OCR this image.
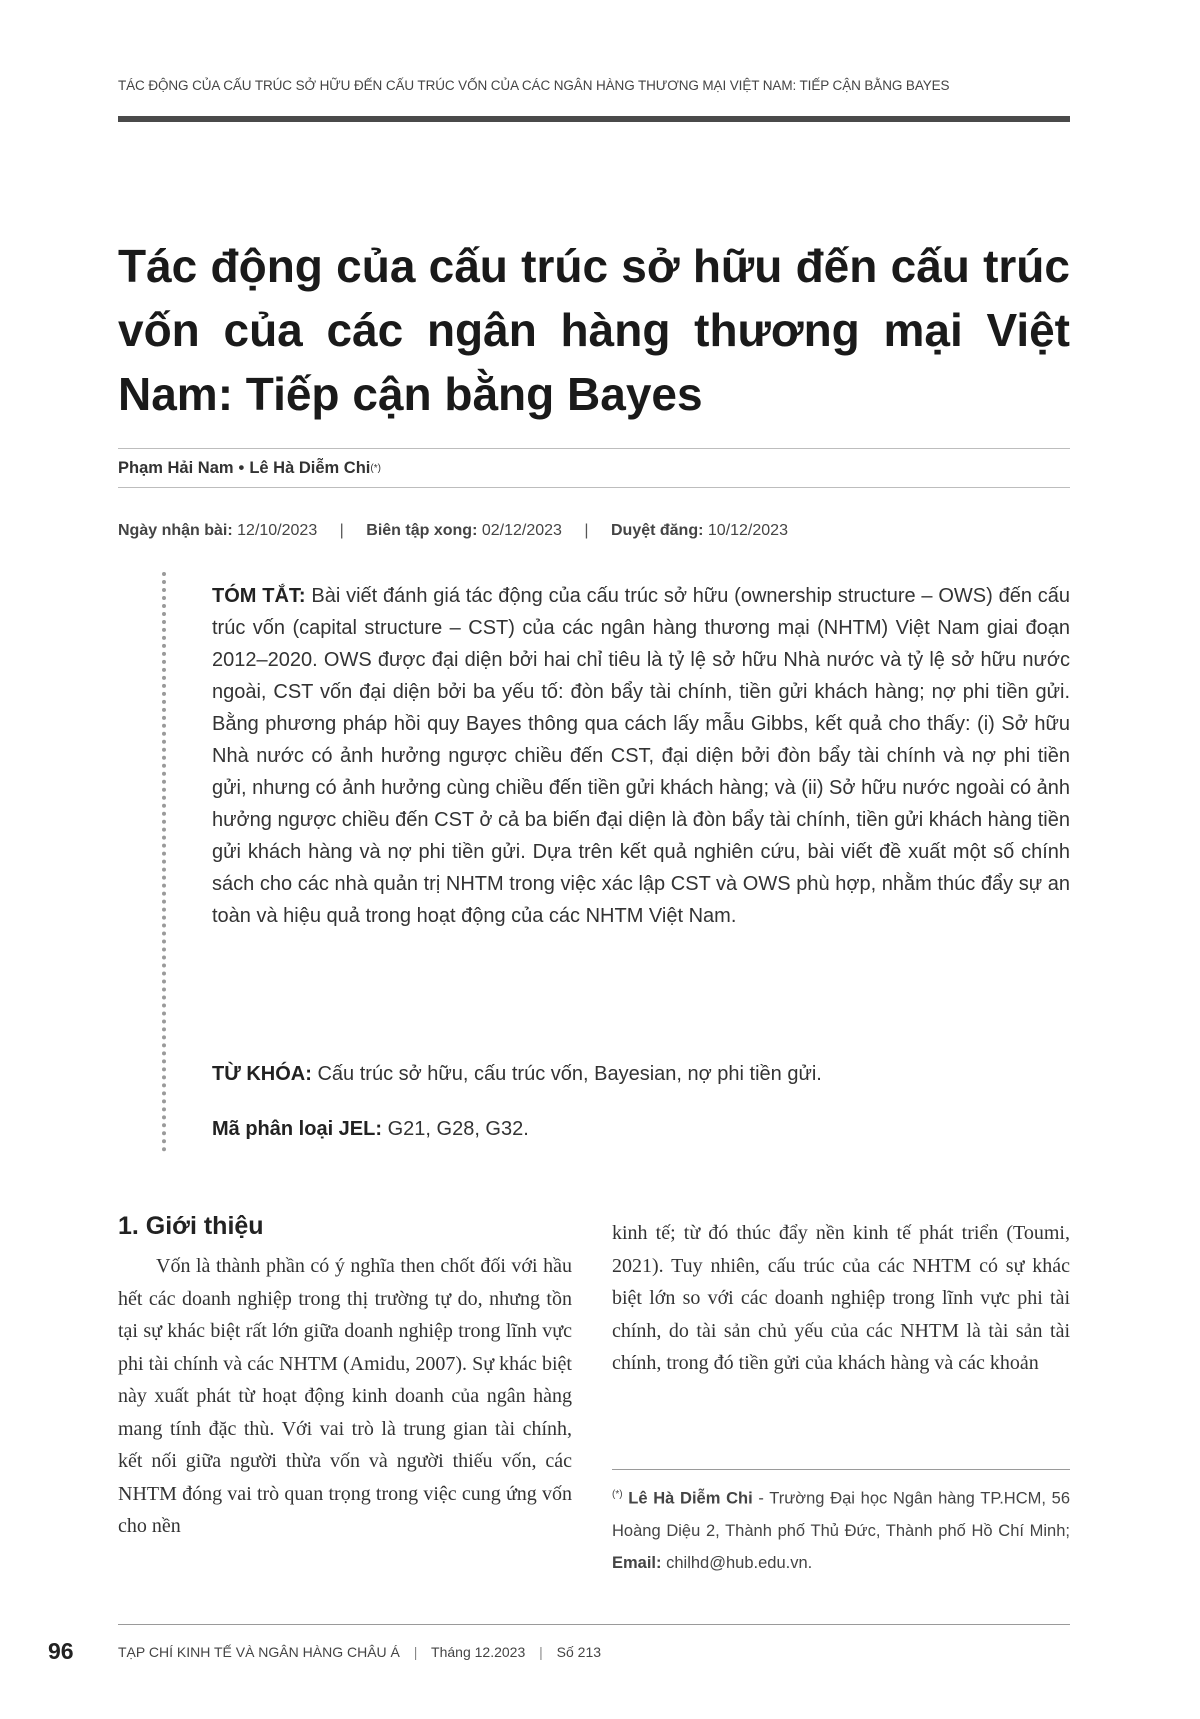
TÁC ĐỘNG CỦA CẤU TRÚC SỞ HỮU ĐẾN CẤU TRÚC VỐN CỦA CÁC NGÂN HÀNG THƯƠNG MẠI VIỆT NAM: TIẾP CẬN BẰNG BAYES
Tác động của cấu trúc sở hữu đến cấu trúc vốn của các ngân hàng thương mại Việt Nam: Tiếp cận bằng Bayes
Phạm Hải Nam • Lê Hà Diễm Chi (*)
Ngày nhận bài: 12/10/2023 | Biên tập xong: 02/12/2023 | Duyệt đăng: 10/12/2023

TÓM TẮT: Bài viết đánh giá tác động của cấu trúc sở hữu (ownership structure – OWS) đến cấu trúc vốn (capital structure – CST) của các ngân hàng thương mại (NHTM) Việt Nam giai đoạn 2012–2020. OWS được đại diện bởi hai chỉ tiêu là tỷ lệ sở hữu Nhà nước và tỷ lệ sở hữu nước ngoài, CST vốn đại diện bởi ba yếu tố: đòn bẩy tài chính, tiền gửi khách hàng; nợ phi tiền gửi. Bằng phương pháp hồi quy Bayes thông qua cách lấy mẫu Gibbs, kết quả cho thấy: (i) Sở hữu Nhà nước có ảnh hưởng ngược chiều đến CST, đại diện bởi đòn bẩy tài chính và nợ phi tiền gửi, nhưng có ảnh hưởng cùng chiều đến tiền gửi khách hàng; và (ii) Sở hữu nước ngoài có ảnh hưởng ngược chiều đến CST ở cả ba biến đại diện là đòn bẩy tài chính, tiền gửi khách hàng tiền gửi khách hàng và nợ phi tiền gửi. Dựa trên kết quả nghiên cứu, bài viết đề xuất một số chính sách cho các nhà quản trị NHTM trong việc xác lập CST và OWS phù hợp, nhằm thúc đẩy sự an toàn và hiệu quả trong hoạt động của các NHTM Việt Nam.

TỪ KHÓA: Cấu trúc sở hữu, cấu trúc vốn, Bayesian, nợ phi tiền gửi.

Mã phân loại JEL: G21, G28, G32.

1. Giới thiệu

Vốn là thành phần có ý nghĩa then chốt đối với hầu hết các doanh nghiệp trong thị trường tự do, nhưng tồn tại sự khác biệt rất lớn giữa doanh nghiệp trong lĩnh vực phi tài chính và các NHTM (Amidu, 2007). Sự khác biệt này xuất phát từ hoạt động kinh doanh của ngân hàng mang tính đặc thù. Với vai trò là trung gian tài chính, kết nối giữa người thừa vốn và người thiếu vốn, các NHTM đóng vai trò quan trọng trong việc cung ứng vốn cho nền

kinh tế; từ đó thúc đẩy nền kinh tế phát triển (Toumi, 2021). Tuy nhiên, cấu trúc của các NHTM có sự khác biệt lớn so với các doanh nghiệp trong lĩnh vực phi tài chính, do tài sản chủ yếu của các NHTM là tài sản tài chính, trong đó tiền gửi của khách hàng và các khoản

(*) Lê Hà Diễm Chi - Trường Đại học Ngân hàng TP.HCM, 56 Hoàng Diệu 2, Thành phố Thủ Đức, Thành phố Hồ Chí Minh; Email: chilhd@hub.edu.vn.

96	TẠP CHÍ KINH TẾ VÀ NGÂN HÀNG CHÂU Á | Tháng 12.2023 | Số 213
